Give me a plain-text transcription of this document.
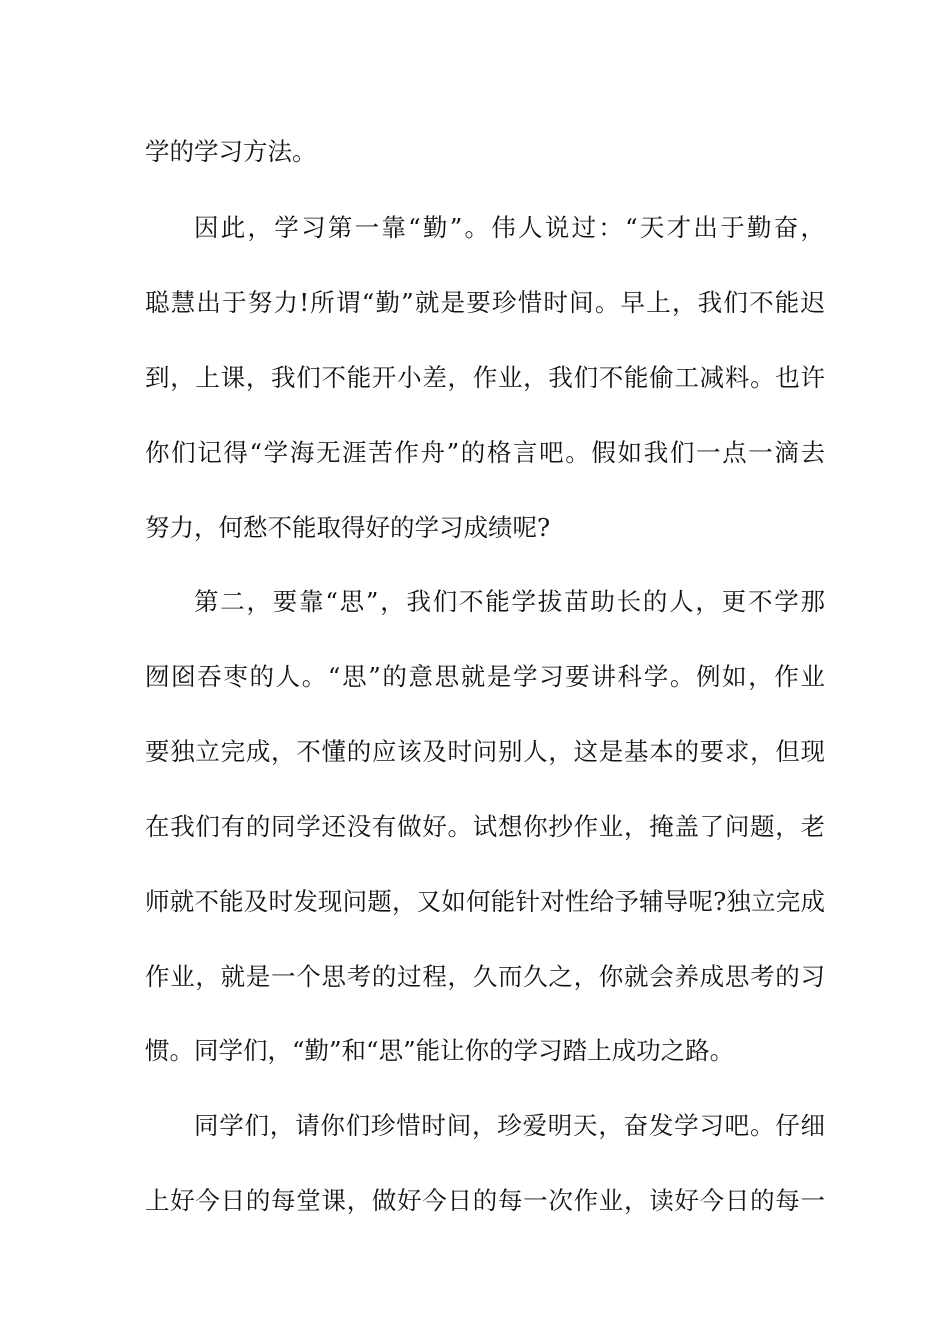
学的学习方法。
因此，学习第一靠“勤”。伟人说过：“天才出于勤奋，
聪慧出于努力!所谓“勤”就是要珍惜时间。早上，我们不能迟
到，上课，我们不能开小差，作业，我们不能偷工减料。也许
你们记得“学海无涯苦作舟”的格言吧。假如我们一点一滴去
努力，何愁不能取得好的学习成绩呢?
第二，要靠“思”，我们不能学拔苗助长的人，更不学那
囫囵吞枣的人。“思”的意思就是学习要讲科学。例如，作业
要独立完成，不懂的应该及时问别人，这是基本的要求，但现
在我们有的同学还没有做好。试想你抄作业，掩盖了问题，老
师就不能及时发现问题，又如何能针对性给予辅导呢?独立完成
作业，就是一个思考的过程，久而久之，你就会养成思考的习
惯。同学们，“勤”和“思”能让你的学习踏上成功之路。
同学们，请你们珍惜时间，珍爱明天，奋发学习吧。仔细
上好今日的每堂课，做好今日的每一次作业，读好今日的每一
